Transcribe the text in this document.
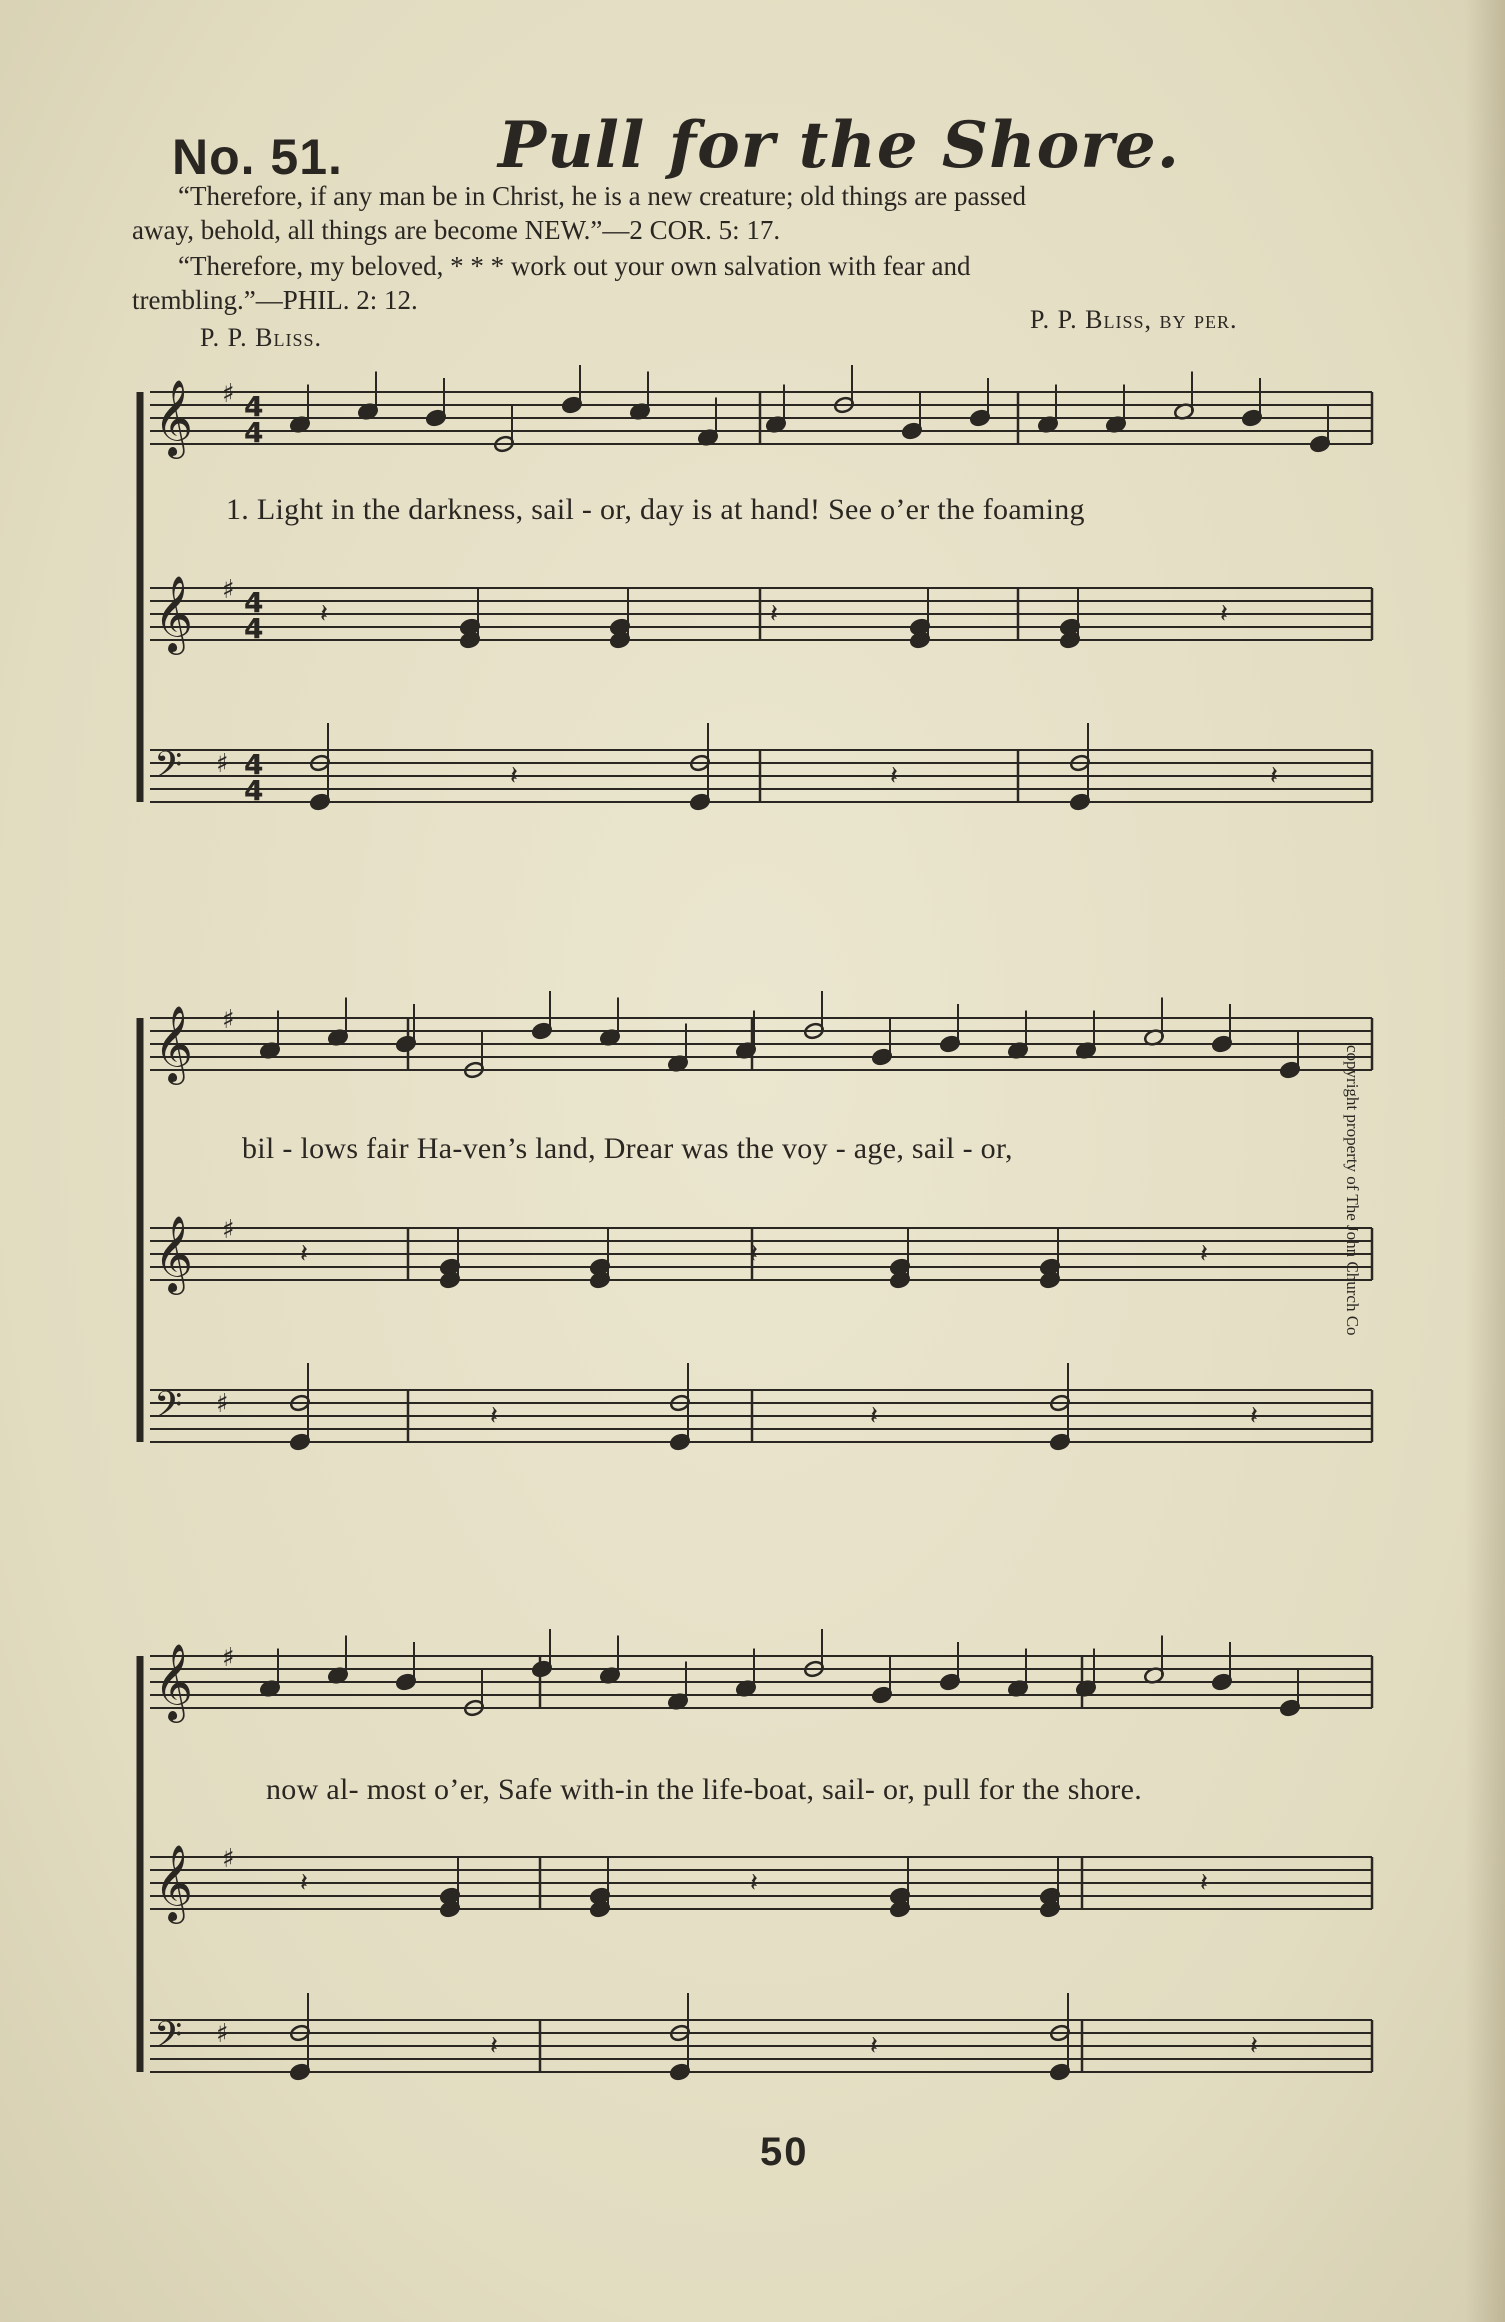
No. 51. Pull for the Shore.
“Therefore, if any man be in Christ, he is a new creature; old things are passed
away, behold, all things are become NEW.”—2 COR. 5: 17.
“Therefore, my beloved, * * * work out your own salvation with fear and
trembling.”—PHIL. 2: 12.
P. P. Bliss.
P. P. Bliss, by per.
𝄞 ♯ 4
4
𝄞 ♯ 4
4
𝄢 ♯ 4
4
𝄽	𝄽	𝄽
𝄽	𝄽	𝄽
𝄞 ♯
𝄞 ♯
𝄢 ♯
𝄽	𝄽	𝄽
𝄽	𝄽	𝄽
𝄞 ♯
𝄞 ♯
𝄢 ♯
𝄽	𝄽	𝄽
𝄽	𝄽	𝄽
1. Light in the darkness, sail - or, day is at hand! See o’er the foaming
bil - lows fair Ha-ven’s land, Drear was the voy - age, sail - or,
now al- most o’er, Safe with-in the life-boat, sail- or, pull for the shore.
copyright property of The John Church Co
50
